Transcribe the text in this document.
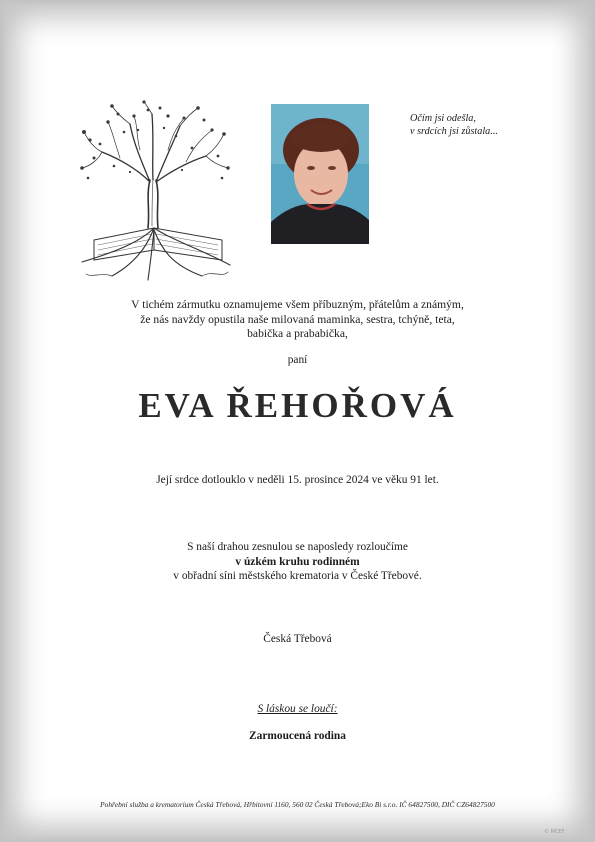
Očím jsi odešla,
v srdcích jsi zůstala...
V tichém zármutku oznamujeme všem příbuzným, přátelům a známým,
že nás navždy opustila naše milovaná maminka, sestra, tchýně, teta,
babička a prababička,
paní
EVA ŘEHOŘOVÁ
Její srdce dotlouklo v neděli 15. prosince 2024 ve věku 91 let.
S naší drahou zesnulou se naposledy rozloučíme
v úzkém kruhu rodinném
v obřadní síni městského krematoria v České Třebové.
Česká Třebová
S láskou se loučí:
Zarmoucená rodina
Pohřební služba a krematorium Česká Třebová, Hřbitovní 1160, 560 02 Česká Třebová;Eko Bi s.r.o. IČ 64827500, DIČ CZ64827500
© MCEF
